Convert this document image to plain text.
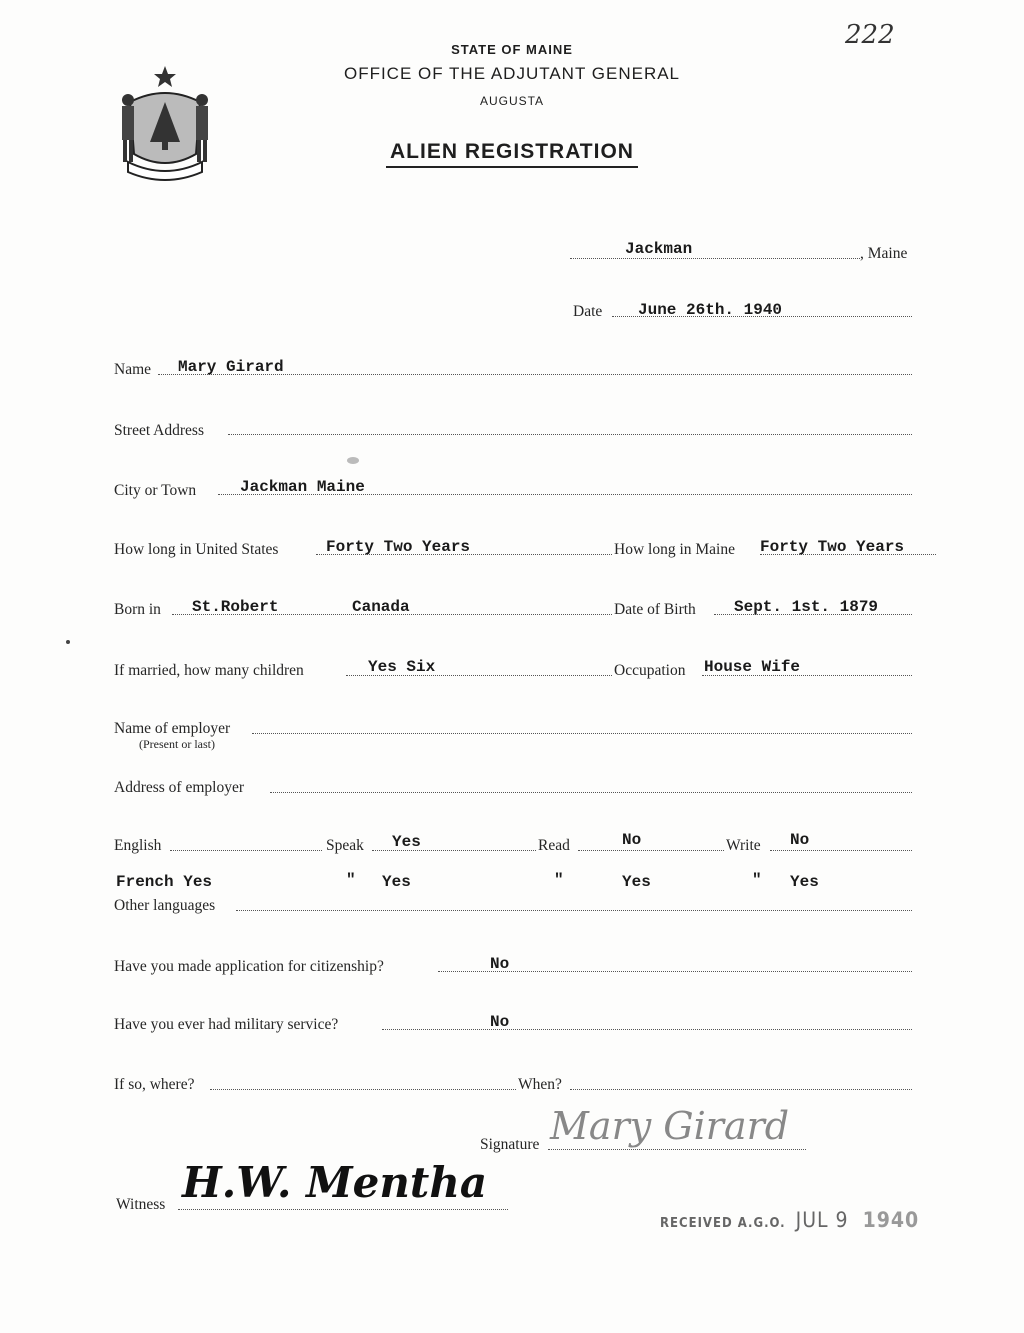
222
STATE OF MAINE
OFFICE OF THE ADJUTANT GENERAL
AUGUSTA
ALIEN REGISTRATION
Jackman	, Maine
Date June 26th. 1940
Name Mary Girard
Street Address
City or Town	Jackman Maine
How long in United States	Forty Two Years	How long in Maine Forty Two Years
Born in St.Robert	Canada	Date of Birth Sept. 1st. 1879
If married, how many children	Yes Six	Occupation House Wife
Name of employer
(Present or last)
Address of employer
English	Speak Yes	Read	No	Write No
French Yes	" Yes	"	Yes	" Yes
Other languages
Have you made application for citizenship?	No
Have you ever had military service?	No
If so, where?	When?
Signature Mary Girard
Witness H.W. Mentha
RECEIVED A.G.O. JUL 9 1940
